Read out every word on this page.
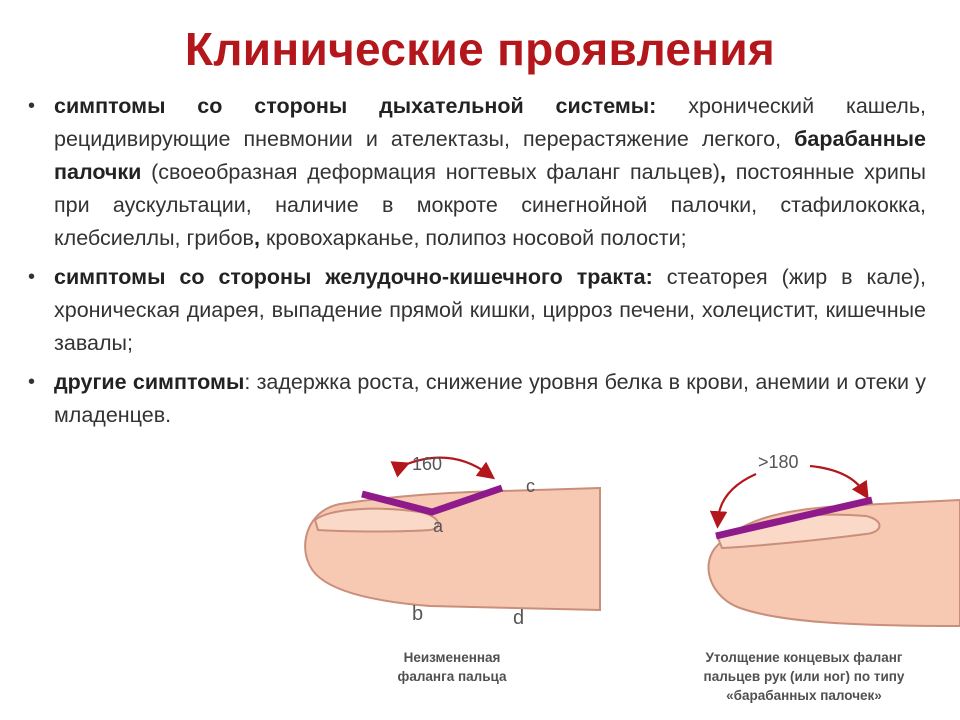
Клинические проявления
• симптомы со стороны дыхательной системы: хронический кашель, рецидивирующие пневмонии и ателектазы, перерастяжение легкого, барабанные палочки (своеобразная деформация ногтевых фаланг пальцев), постоянные хрипы при аускультации, наличие в мокроте синегнойной палочки, стафилококка, клебсиеллы, грибов, кровохарканье, полипоз носовой полости;
• симптомы со стороны желудочно-кишечного тракта: стеаторея (жир в кале), хроническая диарея, выпадение прямой кишки, цирроз печени, холецистит, кишечные завалы;
• другие симптомы: задержка роста, снижение уровня белка в крови, анемии и отеки у младенцев.
160
a
b
c
d
>180
Неизмененная
фаланга пальца
Утолщение концевых фаланг
пальцев рук (или ног) по типу
«барабанных палочек»
